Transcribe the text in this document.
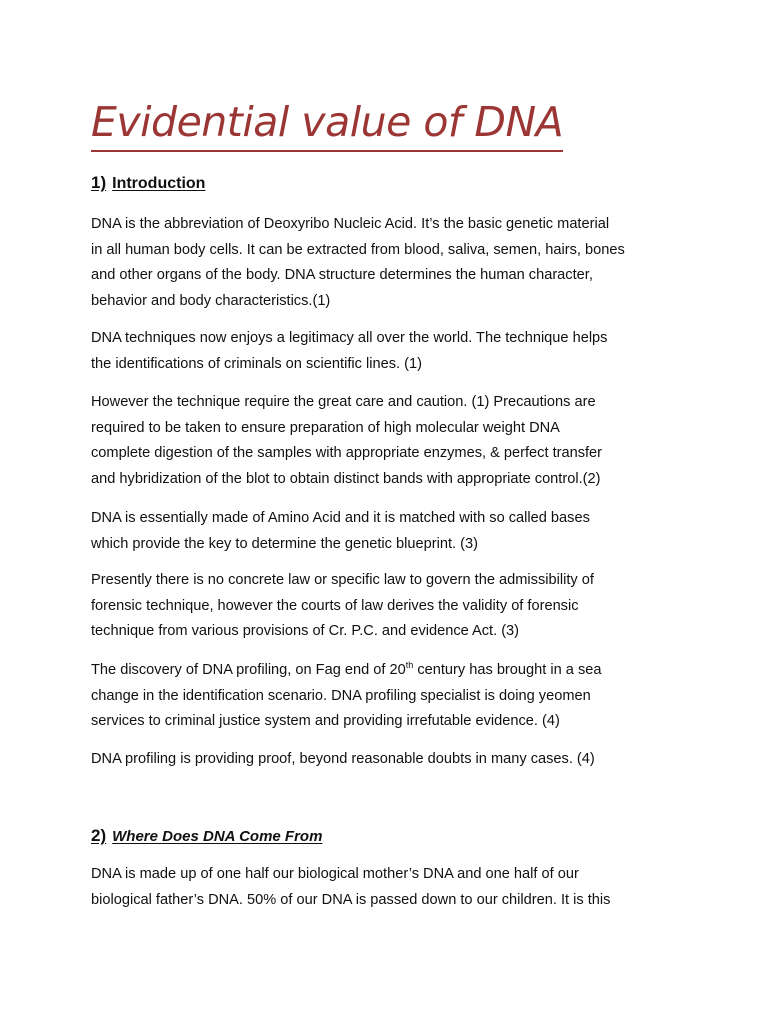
Evidential value of DNA
1) Introduction

DNA is the abbreviation of Deoxyribo Nucleic Acid. It’s the basic genetic material
in all human body cells. It can be extracted from blood, saliva, semen, hairs, bones
and other organs of the body. DNA structure determines the human character,
behavior and body characteristics.(1)

DNA techniques now enjoys a legitimacy all over the world. The technique helps
the identifications of criminals on scientific lines. (1)

However the technique require the great care and caution. (1) Precautions are
required to be taken to ensure preparation of high molecular weight DNA
complete digestion of the samples with appropriate enzymes, & perfect transfer
and hybridization of the blot to obtain distinct bands with appropriate control.(2)

DNA is essentially made of Amino Acid and it is matched with so called bases
which provide the key to determine the genetic blueprint. (3)

Presently there is no concrete law or specific law to govern the admissibility of
forensic technique, however the courts of law derives the validity of forensic
technique from various provisions of Cr. P.C. and evidence Act. (3)

The discovery of DNA profiling, on Fag end of 20th century has brought in a sea
change in the identification scenario. DNA profiling specialist is doing yeomen
services to criminal justice system and providing irrefutable evidence. (4)

DNA profiling is providing proof, beyond reasonable doubts in many cases. (4)

2) Where Does DNA Come From

DNA is made up of one half our biological mother’s DNA and one half of our
biological father’s DNA. 50% of our DNA is passed down to our children. It is this
